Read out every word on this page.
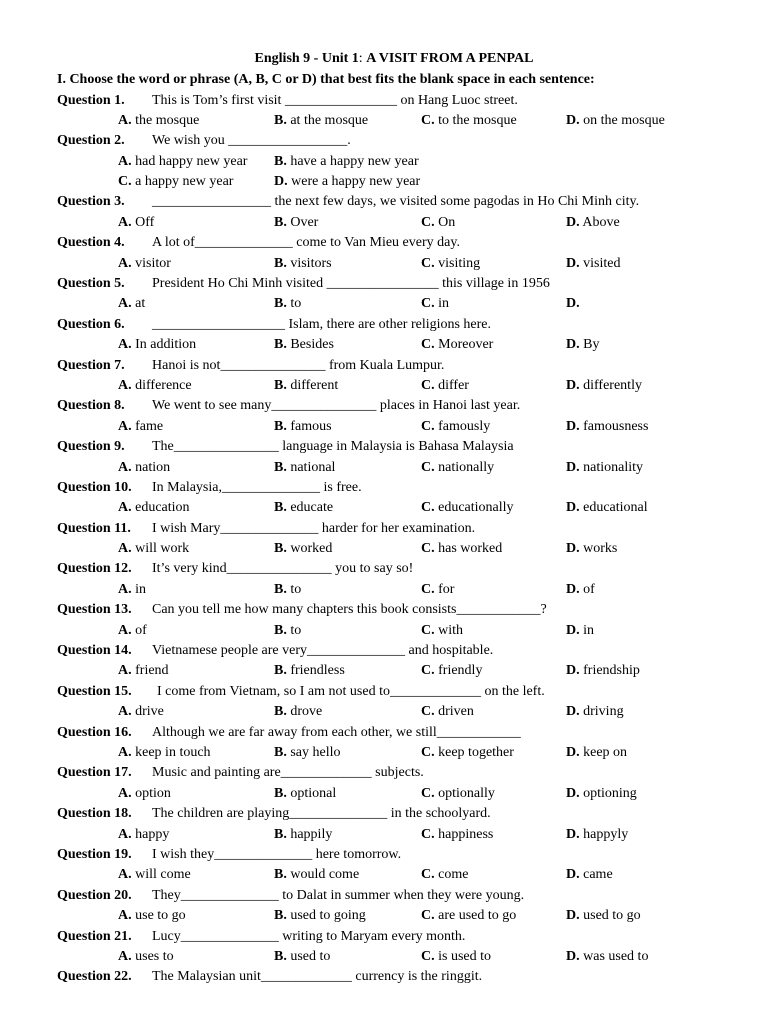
English 9 - Unit 1: A VISIT FROM A PENPAL
I. Choose the word or phrase (A, B, C or D) that best fits the blank space in each sentence:
Question 1. This is Tom’s first visit ________________ on Hang Luoc street.
A. the mosque	B. at the mosque	C. to the mosque	D. on the mosque
Question 2. We wish you _________________.
A. had happy new year B. have a happy new year
C. a happy new year	D. were a happy new year
Question 3. _________________ the next few days, we visited some pagodas in Ho Chi Minh city.
A. Off	B. Over	C. On	D. Above
Question 4. A lot of______________ come to Van Mieu every day.
A. visitor	B. visitors	C. visiting	D. visited
Question 5. President Ho Chi Minh visited ________________ this village in 1956
A. at	B. to	C. in	D.
Question 6. ___________________ Islam, there are other religions here.
A. In addition	B. Besides	C. Moreover	D. By
Question 7. Hanoi is not_______________ from Kuala Lumpur.
A. difference	B. different	C. differ	D. differently
Question 8. We went to see many_______________ places in Hanoi last year.
A. fame	B. famous	C. famously	D. famousness
Question 9. The_______________ language in Malaysia is Bahasa Malaysia
A. nation	B. national	C. nationally	D. nationality
Question 10. In Malaysia,______________ is free.
A. education	B. educate	C. educationally	D. educational
Question 11. I wish Mary______________ harder for her examination.
A. will work	B. worked	C. has worked	D. works
Question 12. It’s very kind_______________ you to say so!
A. in	B. to	C. for	D. of
Question 13. Can you tell me how many chapters this book consists____________?
A. of	B. to	C. with	D. in
Question 14. Vietnamese people are very______________ and hospitable.
A. friend	B. friendless	C. friendly	D. friendship
Question 15. I come from Vietnam, so I am not used to_____________ on the left.
A. drive	B. drove	C. driven	D. driving
Question 16. Although we are far away from each other, we still____________
A. keep in touch	B. say hello	C. keep together	D. keep on
Question 17. Music and painting are_____________ subjects.
A. option	B. optional	C. optionally	D. optioning
Question 18. The children are playing______________ in the schoolyard.
A. happy	B. happily	C. happiness	D. happyly
Question 19. I wish they______________ here tomorrow.
A. will come	B. would come	C. come	D. came
Question 20. They______________ to Dalat in summer when they were young.
A. use to go	B. used to going	C. are used to go	D. used to go
Question 21. Lucy______________ writing to Maryam every month.
A. uses to	B. used to	C. is used to	D. was used to
Question 22. The Malaysian unit_____________ currency is the ringgit.
